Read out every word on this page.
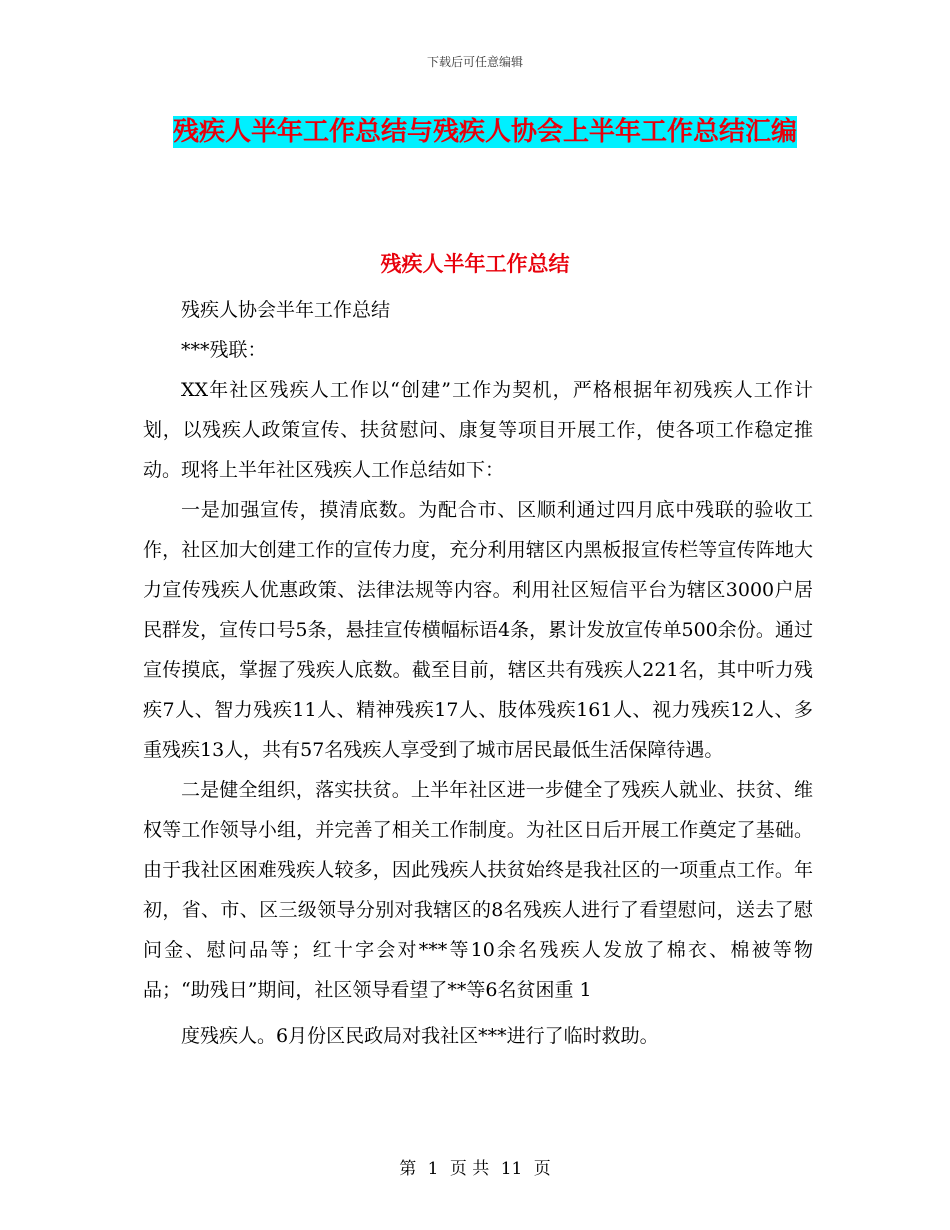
下载后可任意编辑
残疾人半年工作总结与残疾人协会上半年工作总结汇编
残疾人半年工作总结

残疾人协会半年工作总结

***残联：

XX年社区残疾人工作以“创建”工作为契机，严格根据年初残疾人工作计划，以残疾人政策宣传、扶贫慰问、康复等项目开展工作，使各项工作稳定推动。现将上半年社区残疾人工作总结如下：

一是加强宣传，摸清底数。为配合市、区顺利通过四月底中残联的验收工作，社区加大创建工作的宣传力度，充分利用辖区内黑板报宣传栏等宣传阵地大力宣传残疾人优惠政策、法律法规等内容。利用社区短信平台为辖区3000户居民群发，宣传口号5条，悬挂宣传横幅标语4条，累计发放宣传单500余份。通过宣传摸底，掌握了残疾人底数。截至目前，辖区共有残疾人221名，其中听力残疾7人、智力残疾11人、精神残疾17人、肢体残疾161人、视力残疾12人、多重残疾13人，共有57名残疾人享受到了城市居民最低生活保障待遇。

二是健全组织，落实扶贫。上半年社区进一步健全了残疾人就业、扶贫、维权等工作领导小组，并完善了相关工作制度。为社区日后开展工作奠定了基础。由于我社区困难残疾人较多，因此残疾人扶贫始终是我社区的一项重点工作。年初，省、市、区三级领导分别对我辖区的8名残疾人进行了看望慰问，送去了慰问金、慰问品等；红十字会对***等10余名残疾人发放了棉衣、棉被等物品；“助残日”期间，社区领导看望了**等6名贫困重 1

度残疾人。6月份区民政局对我社区***进行了临时救助。

第 1 页 共 11 页
